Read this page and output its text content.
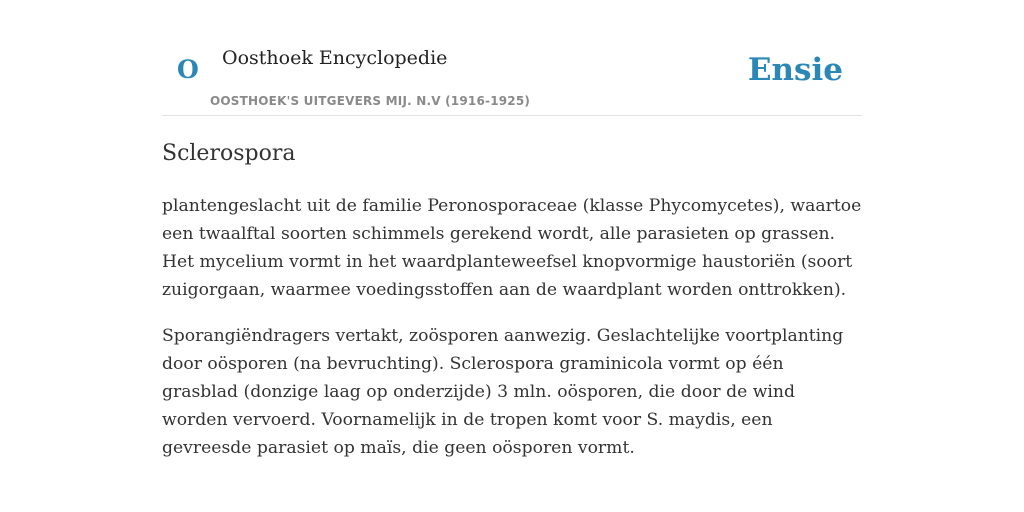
O Oosthoek Encyclopedie
OOSTHOEK'S UITGEVERS MIJ. N.V (1916-1925)
Ensie
Sclerospora

plantengeslacht uit de familie Peronosporaceae (klasse Phycomycetes), waartoe een twaalftal soorten schimmels gerekend wordt, alle parasieten op grassen. Het mycelium vormt in het waardplanteweefsel knopvormige haustoriën (soort zuigorgaan, waarmee voedingsstoffen aan de waardplant worden onttrokken).

Sporangiëndragers vertakt, zoösporen aanwezig. Geslachtelijke voortplanting door oösporen (na bevruchting). Sclerospora graminicola vormt op één grasblad (donzige laag op onderzijde) 3 mln. oösporen, die door de wind worden vervoerd. Voornamelijk in de tropen komt voor S. maydis, een gevreesde parasiet op maïs, die geen oösporen vormt.
